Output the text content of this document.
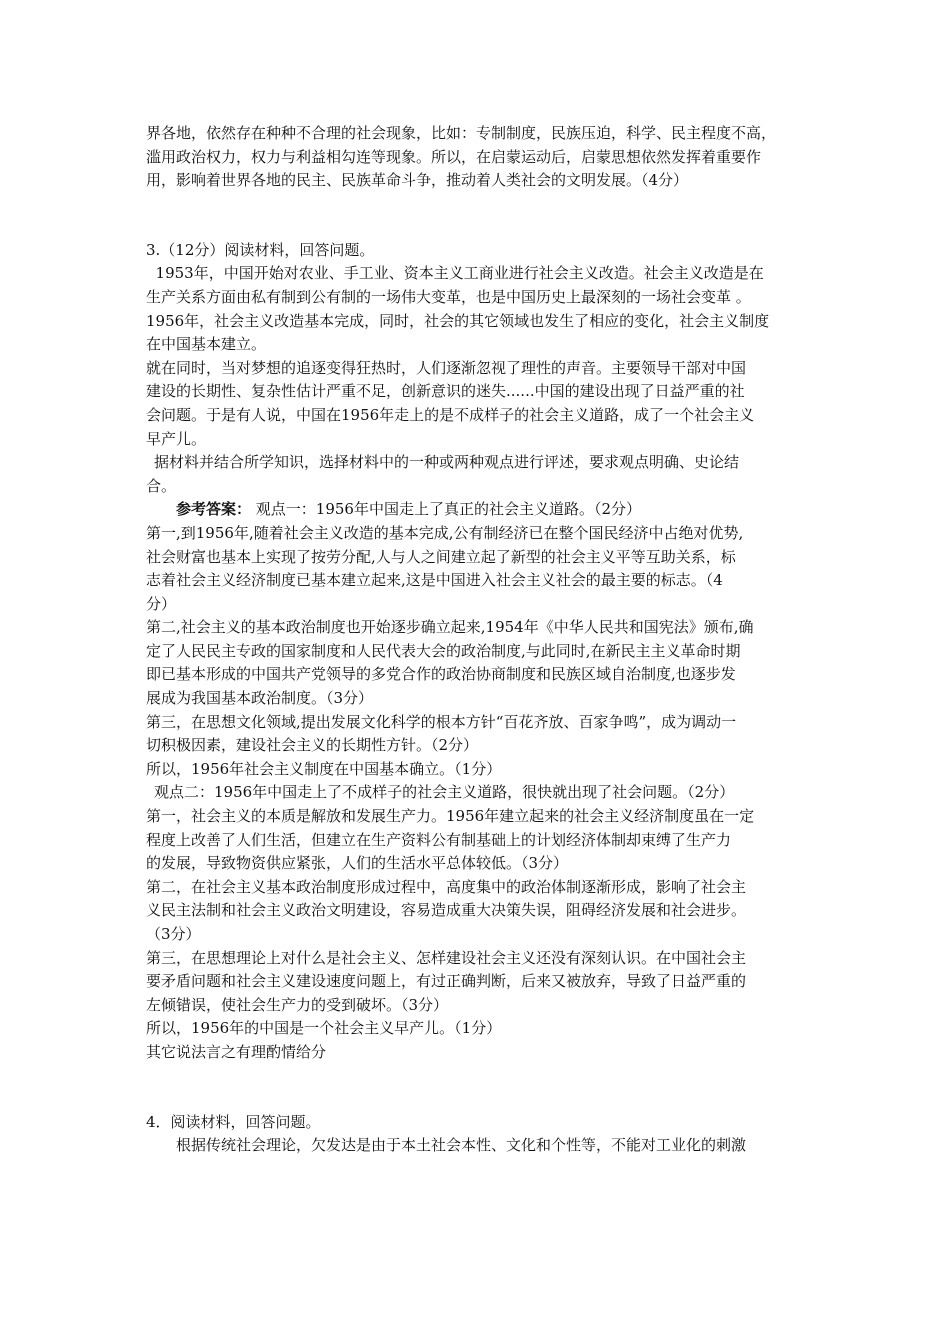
界各地，依然存在种种不合理的社会现象，比如：专制制度，民族压迫，科学、民主程度不高，
滥用政治权力，权力与利益相勾连等现象。所以，在启蒙运动后，启蒙思想依然发挥着重要作
用，影响着世界各地的民主、民族革命斗争，推动着人类社会的文明发展。（4分）
3.（12分）阅读材料，回答问题。
1953年，中国开始对农业、手工业、资本主义工商业进行社会主义改造。社会主义改造是在
生产关系方面由私有制到公有制的一场伟大变革，也是中国历史上最深刻的一场社会变革 。
1956年，社会主义改造基本完成，同时，社会的其它领域也发生了相应的变化，社会主义制度
在中国基本建立。
就在同时，当对梦想的追逐变得狂热时，人们逐渐忽视了理性的声音。主要领导干部对中国
建设的长期性、复杂性估计严重不足，创新意识的迷失......中国的建设出现了日益严重的社
会问题。于是有人说，中国在1956年走上的是不成样子的社会主义道路，成了一个社会主义
早产儿。
据材料并结合所学知识，选择材料中的一种或两种观点进行评述，要求观点明确、史论结
合。
参考答案： 观点一：1956年中国走上了真正的社会主义道路。（2分）
第一,到1956年,随着社会主义改造的基本完成,公有制经济已在整个国民经济中占绝对优势,
社会财富也基本上实现了按劳分配,人与人之间建立起了新型的社会主义平等互助关系，标
志着社会主义经济制度已基本建立起来,这是中国进入社会主义社会的最主要的标志。（4
分）
第二,社会主义的基本政治制度也开始逐步确立起来,1954年《中华人民共和国宪法》颁布,确
定了人民民主专政的国家制度和人民代表大会的政治制度,与此同时,在新民主主义革命时期
即已基本形成的中国共产党领导的多党合作的政治协商制度和民族区域自治制度,也逐步发
展成为我国基本政治制度。（3分）
第三，在思想文化领域,提出发展文化科学的根本方针“百花齐放、百家争鸣”，成为调动一
切积极因素，建设社会主义的长期性方针。（2分）
所以，1956年社会主义制度在中国基本确立。（1分）
观点二：1956年中国走上了不成样子的社会主义道路，很快就出现了社会问题。（2分）
第一，社会主义的本质是解放和发展生产力。1956年建立起来的社会主义经济制度虽在一定
程度上改善了人们生活，但建立在生产资料公有制基础上的计划经济体制却束缚了生产力
的发展，导致物资供应紧张，人们的生活水平总体较低。（3分）
第二，在社会主义基本政治制度形成过程中，高度集中的政治体制逐渐形成，影响了社会主
义民主法制和社会主义政治文明建设，容易造成重大决策失误，阻碍经济发展和社会进步。
（3分）
第三，在思想理论上对什么是社会主义、怎样建设社会主义还没有深刻认识。在中国社会主
要矛盾问题和社会主义建设速度问题上，有过正确判断，后来又被放弃，导致了日益严重的
左倾错误，使社会生产力的受到破坏。（3分）
所以，1956年的中国是一个社会主义早产儿。（1分）
其它说法言之有理酌情给分
4．阅读材料，回答问题。
根据传统社会理论，欠发达是由于本土社会本性、文化和个性等，不能对工业化的刺激
